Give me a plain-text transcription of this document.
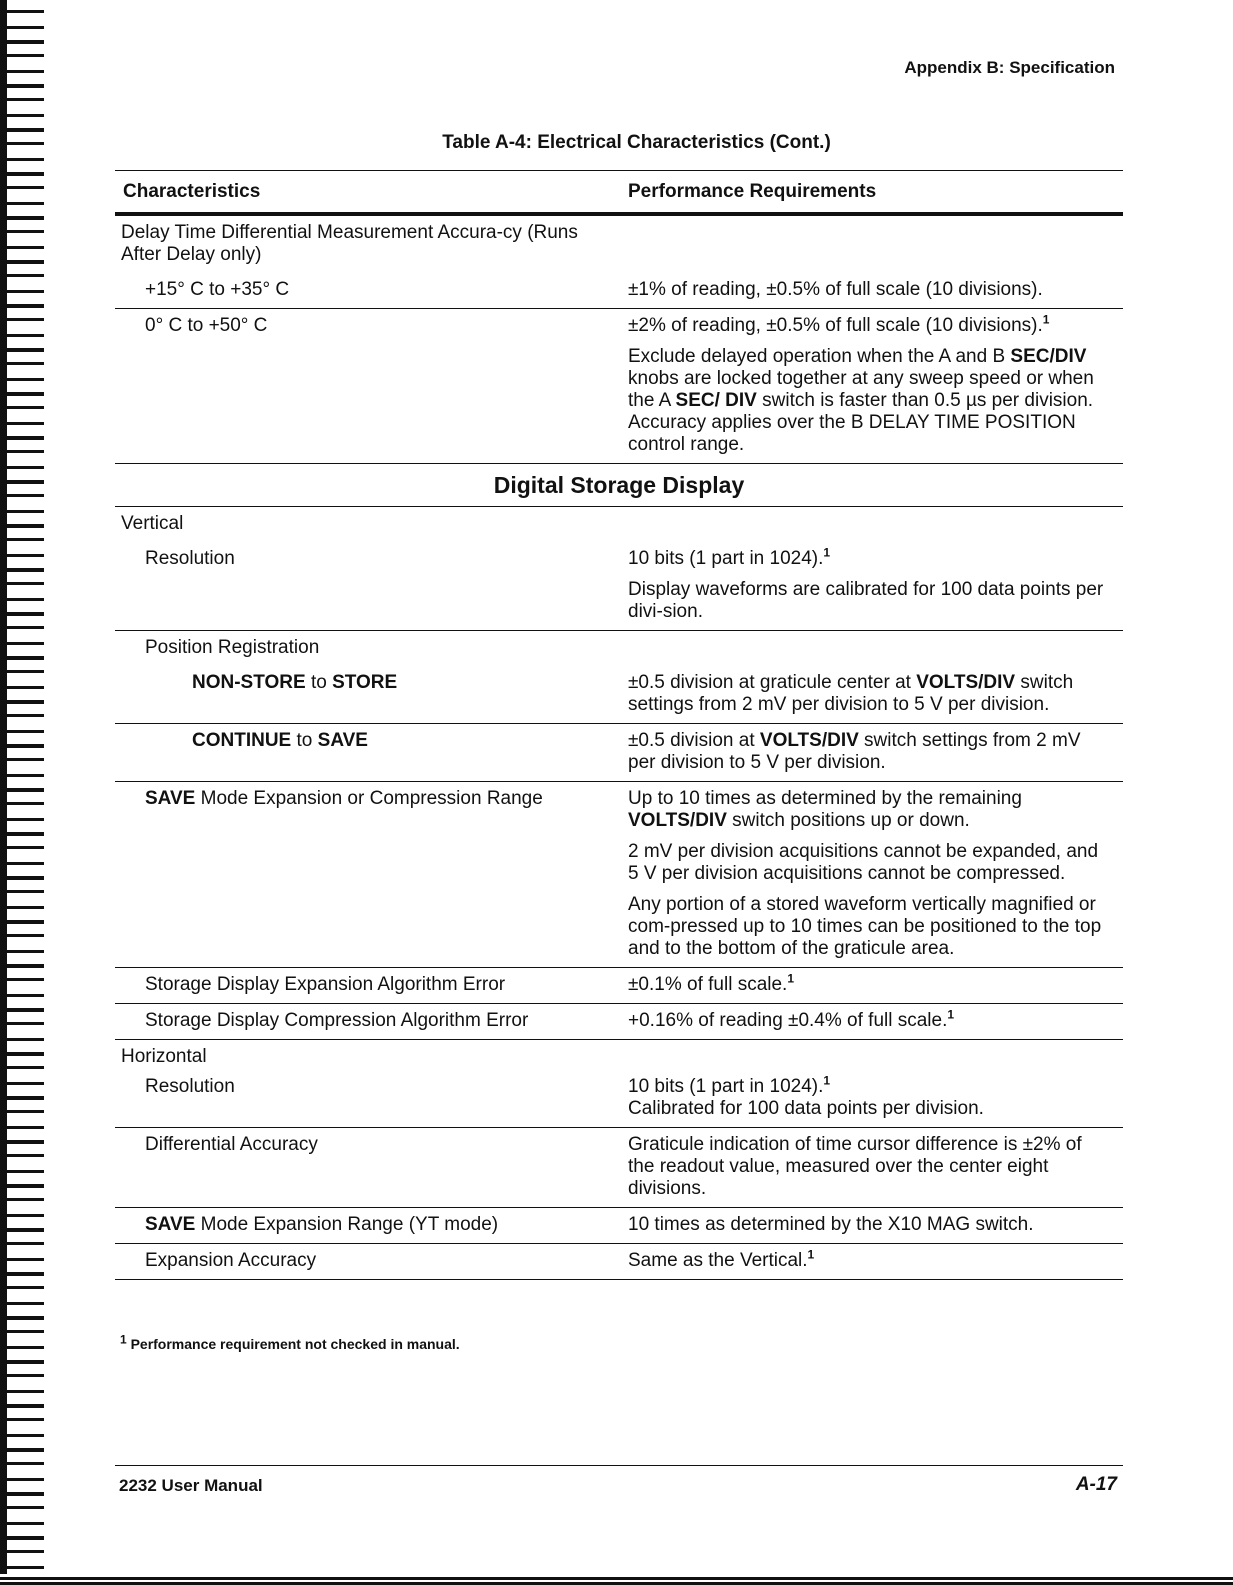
Appendix B: Specification
Table A-4: Electrical Characteristics (Cont.)
Characteristics	Performance Requirements
Delay Time Differential Measurement Accura-cy (Runs After Delay only)	
+15° C to +35° C	±1% of reading, ±0.5% of full scale (10 divisions).
0° C to +50° C	±2% of reading, ±0.5% of full scale (10 divisions).$^1$

Exclude delayed operation when the A and B SEC/DIV knobs are locked together at any sweep speed or when the A SEC/ DIV switch is faster than 0.5 µs per division. Accuracy applies over the B DELAY TIME POSITION control range.

Digital Storage Display	
Vertical	
Resolution	10 bits (1 part in 1024).$^1$

Display waveforms are calibrated for 100 data points per divi-sion.

Position Registration	
NON-STORE to STORE	±0.5 division at graticule center at VOLTS/DIV switch settings from 2 mV per division to 5 V per division.
CONTINUE to SAVE	±0.5 division at VOLTS/DIV switch settings from 2 mV per division to 5 V per division.
SAVE Mode Expansion or Compression Range	Up to 10 times as determined by the remaining VOLTS/DIV switch positions up or down.

2 mV per division acquisitions cannot be expanded, and 5 V per division acquisitions cannot be compressed.

Any portion of a stored waveform vertically magnified or com-pressed up to 10 times can be positioned to the top and to the bottom of the graticule area.

Storage Display Expansion Algorithm Error	±0.1% of full scale.$^1$
Storage Display Compression Algorithm Error	+0.16% of reading ±0.4% of full scale.$^1$
Horizontal	
Resolution	10 bits (1 part in 1024).$^1$
Calibrated for 100 data points per division.
Differential Accuracy	Graticule indication of time cursor difference is ±2% of the readout value, measured over the center eight divisions.
SAVE Mode Expansion Range (YT mode)	10 times as determined by the X10 MAG switch.
Expansion Accuracy	Same as the Vertical.$^1$
$^1$ Performance requirement not checked in manual.
2232 User Manual	A-17
